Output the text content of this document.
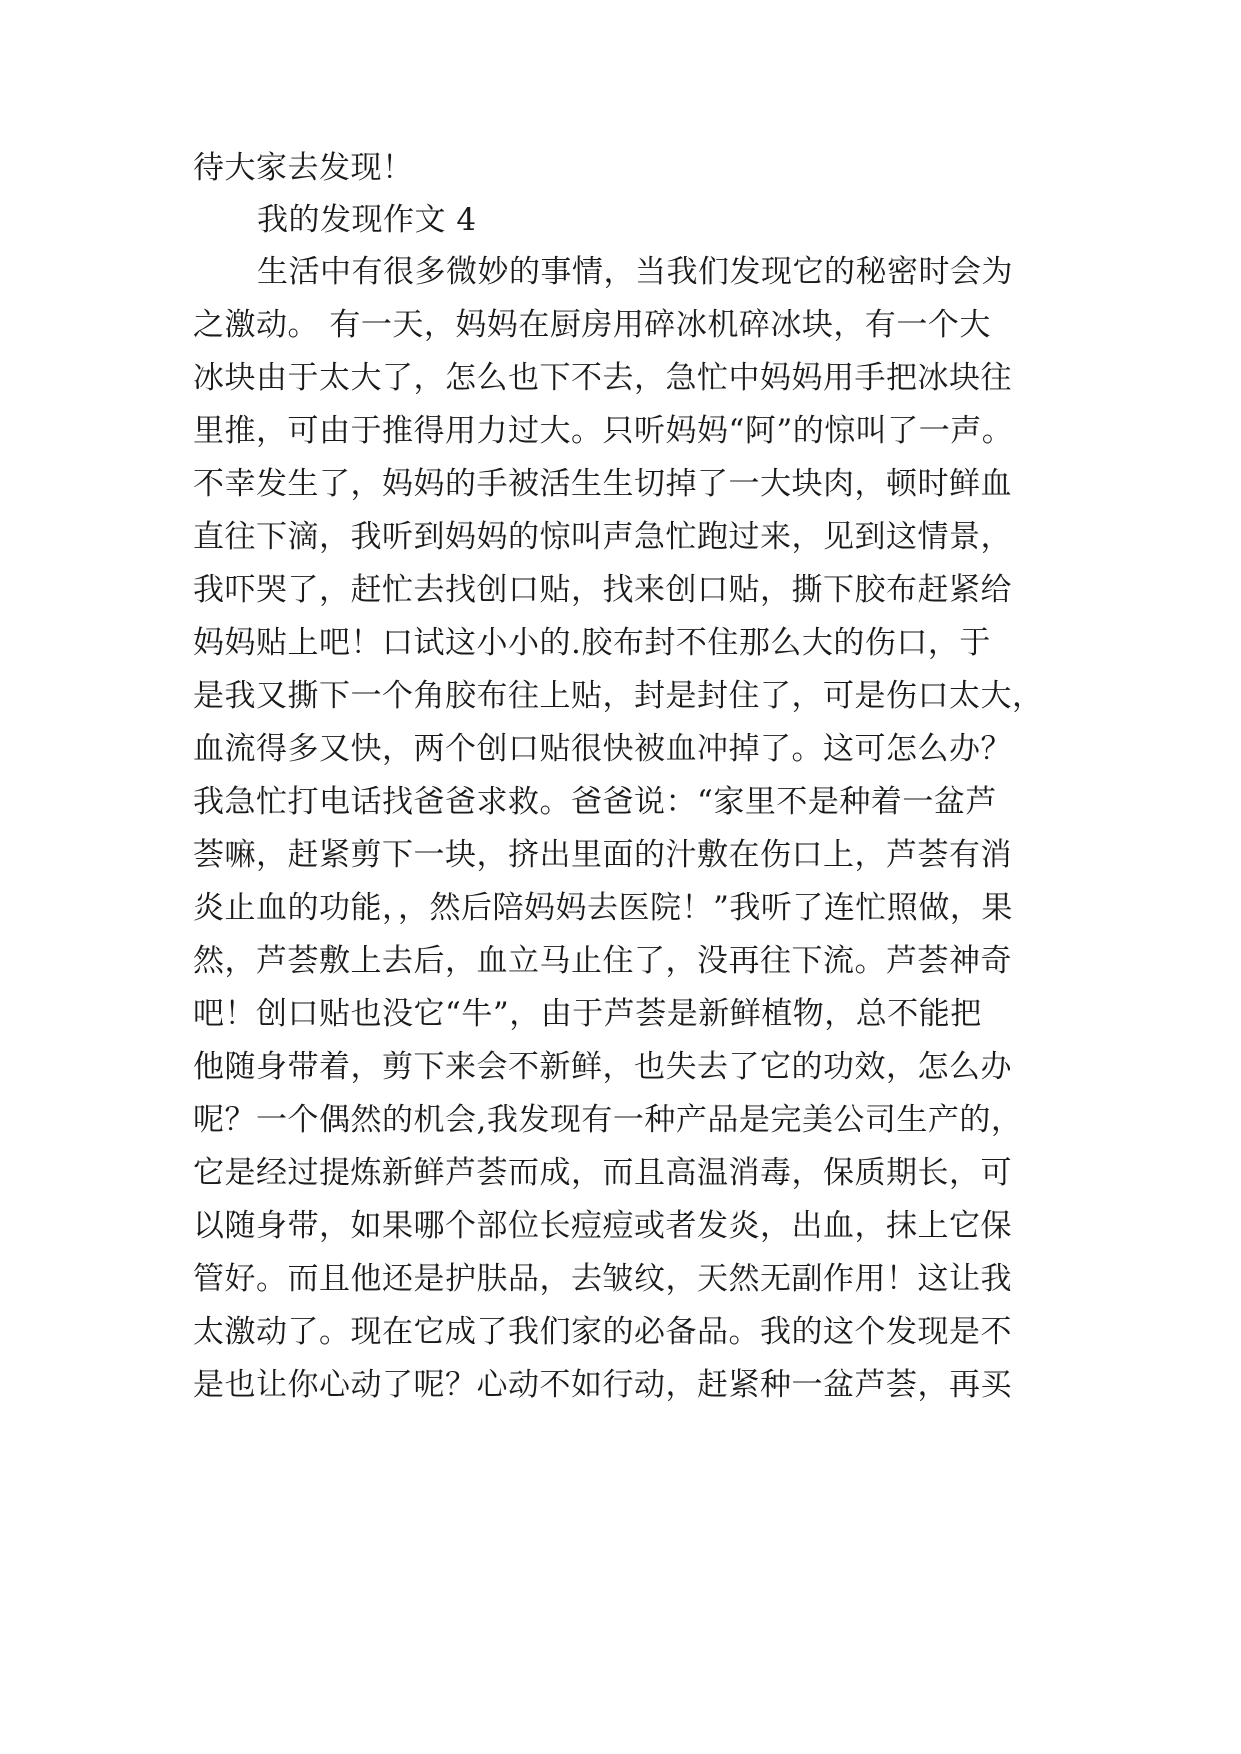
待大家去发现！
我的发现作文 4
生活中有很多微妙的事情，当我们发现它的秘密时会为
之激动。 有一天，妈妈在厨房用碎冰机碎冰块，有一个大
冰块由于太大了，怎么也下不去，急忙中妈妈用手把冰块往
里推，可由于推得用力过大。只听妈妈“阿”的惊叫了一声。
不幸发生了，妈妈的手被活生生切掉了一大块肉，顿时鲜血
直往下滴，我听到妈妈的惊叫声急忙跑过来，见到这情景，
我吓哭了，赶忙去找创口贴，找来创口贴，撕下胶布赶紧给
妈妈贴上吧！口试这小小的.胶布封不住那么大的伤口，于
是我又撕下一个角胶布往上贴，封是封住了，可是伤口太大，
血流得多又快，两个创口贴很快被血冲掉了。这可怎么办？
我急忙打电话找爸爸求救。爸爸说：“家里不是种着一盆芦
荟嘛，赶紧剪下一块，挤出里面的汁敷在伤口上，芦荟有消
炎止血的功能，，然后陪妈妈去医院！”我听了连忙照做，果
然，芦荟敷上去后，血立马止住了，没再往下流。芦荟神奇
吧！创口贴也没它“牛”，由于芦荟是新鲜植物，总不能把
他随身带着，剪下来会不新鲜，也失去了它的功效，怎么办
呢？一个偶然的机会,我发现有一种产品是完美公司生产的，
它是经过提炼新鲜芦荟而成，而且高温消毒，保质期长，可
以随身带，如果哪个部位长痘痘或者发炎，出血，抹上它保
管好。而且他还是护肤品，去皱纹，天然无副作用！这让我
太激动了。现在它成了我们家的必备品。我的这个发现是不
是也让你心动了呢？心动不如行动，赶紧种一盆芦荟，再买
